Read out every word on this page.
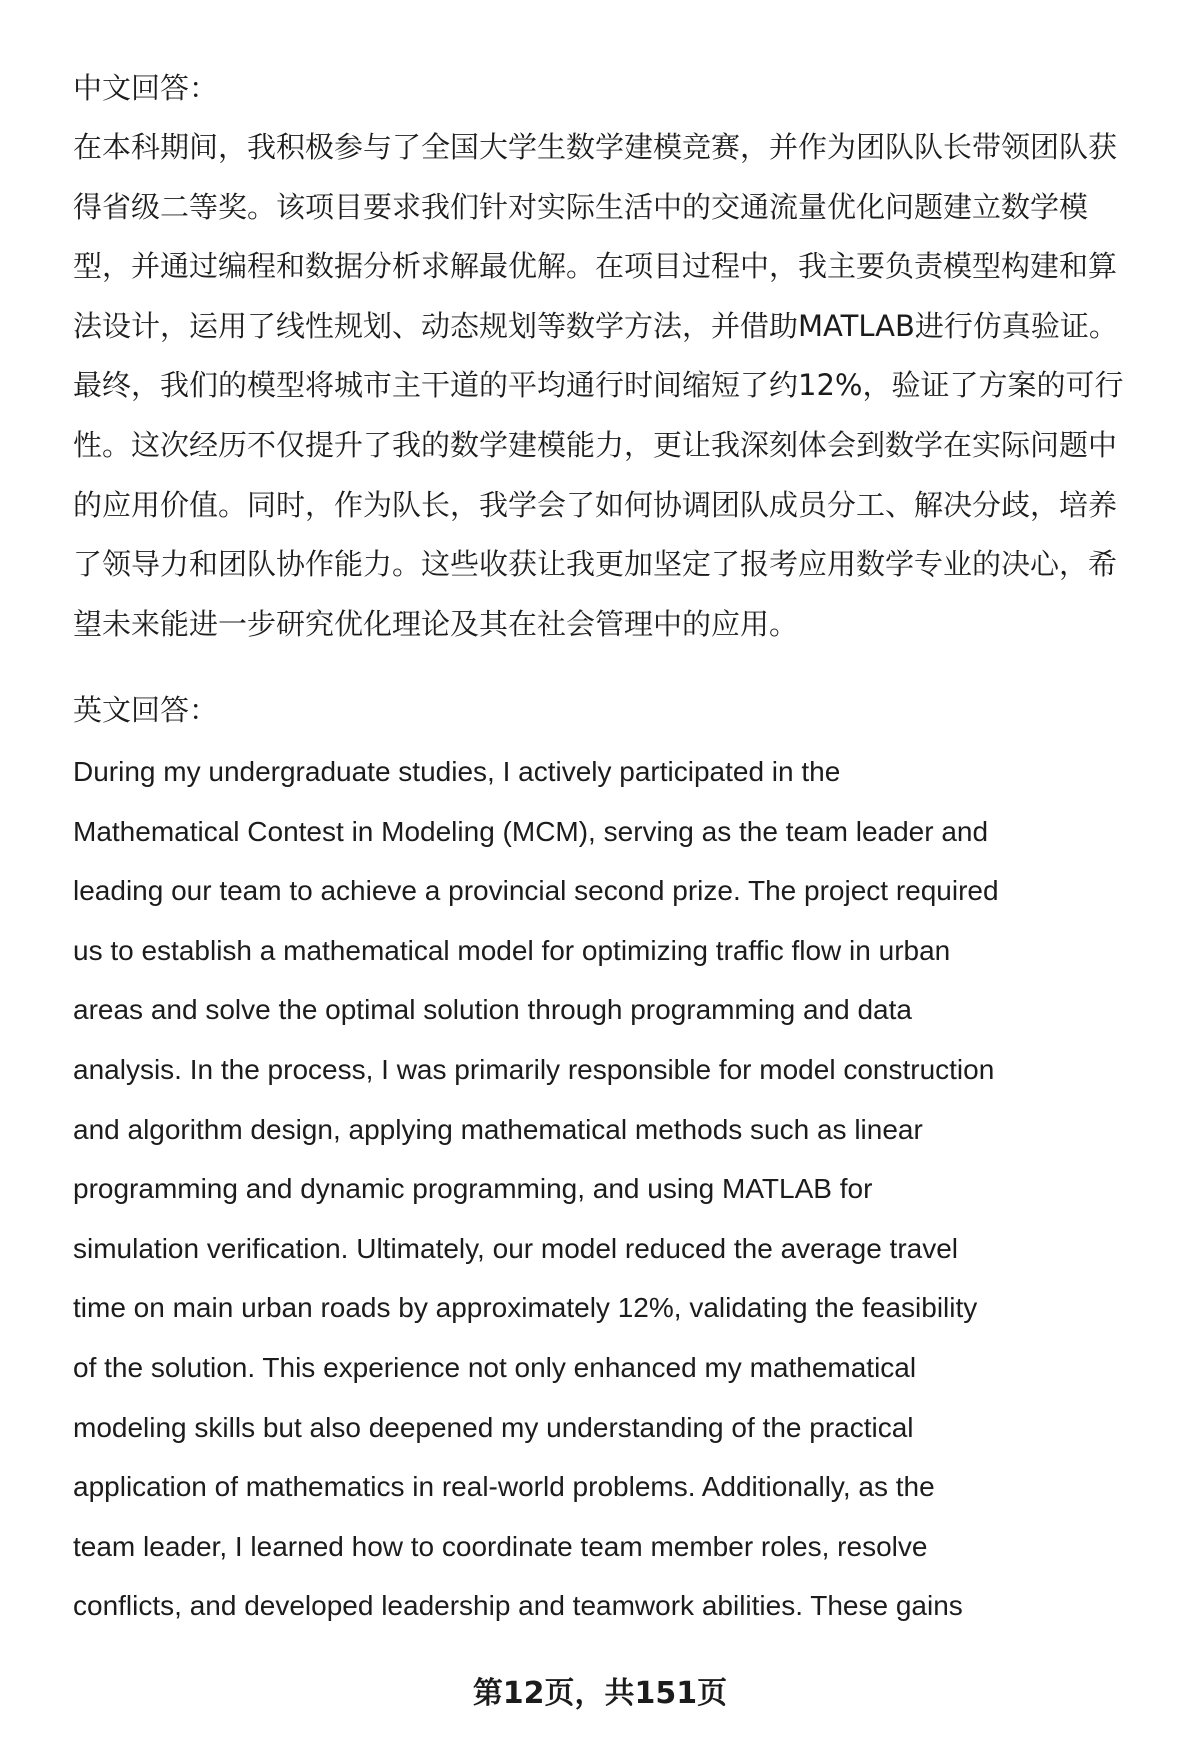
中文回答：
在本科期间，我积极参与了全国大学生数学建模竞赛，并作为团队队长带领团队获
得省级二等奖。该项目要求我们针对实际生活中的交通流量优化问题建立数学模
型，并通过编程和数据分析求解最优解。在项目过程中，我主要负责模型构建和算
法设计，运用了线性规划、动态规划等数学方法，并借助MATLAB进行仿真验证。
最终，我们的模型将城市主干道的平均通行时间缩短了约12%，验证了方案的可行
性。这次经历不仅提升了我的数学建模能力，更让我深刻体会到数学在实际问题中
的应用价值。同时，作为队长，我学会了如何协调团队成员分工、解决分歧，培养
了领导力和团队协作能力。这些收获让我更加坚定了报考应用数学专业的决心，希
望未来能进一步研究优化理论及其在社会管理中的应用。
英文回答：
During my undergraduate studies, I actively participated in the
Mathematical Contest in Modeling (MCM), serving as the team leader and
leading our team to achieve a provincial second prize. The project required
us to establish a mathematical model for optimizing traffic flow in urban
areas and solve the optimal solution through programming and data
analysis. In the process, I was primarily responsible for model construction
and algorithm design, applying mathematical methods such as linear
programming and dynamic programming, and using MATLAB for
simulation verification. Ultimately, our model reduced the average travel
time on main urban roads by approximately 12%, validating the feasibility
of the solution. This experience not only enhanced my mathematical
modeling skills but also deepened my understanding of the practical
application of mathematics in real-world problems. Additionally, as the
team leader, I learned how to coordinate team member roles, resolve
conflicts, and developed leadership and teamwork abilities. These gains
第12页，共151页
